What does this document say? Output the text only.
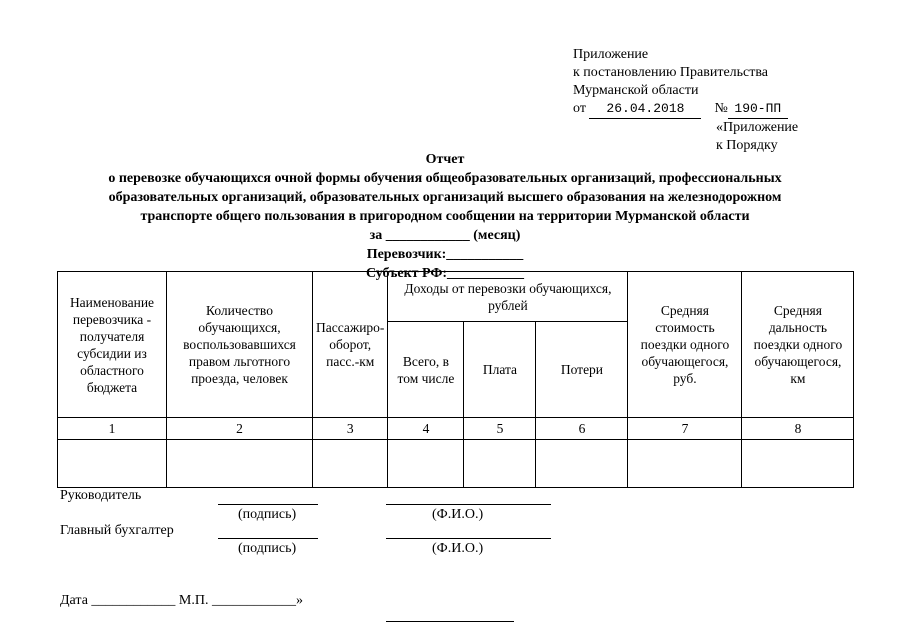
Приложение
к постановлению Правительства
Мурманской области
от 26.04.2018 № 190-ПП
«Приложение
к Порядку
Отчет
о перевозке обучающихся очной формы обучения общеобразовательных организаций, профессиональных
образовательных организаций, образовательных организаций высшего образования на железнодорожном
транспорте общего пользования в пригородном сообщении на территории Мурманской области
за ____________ (месяц)
Перевозчик:___________
Субъект РФ:___________
Наименование перевозчика - получателя субсидии из областного бюджета	Количество обучающихся, воспользовавшихся правом льготного проезда, человек	Пассажиро-оборот, пасс.-км	Доходы от перевозки обучающихся, рублей			Средняя стоимость поездки одного обучающегося, руб.	Средняя дальность поездки одного обучающегося, км
			Всего, в том числе	Плата	Потери		
1	2	3	4	5	6	7	8

Руководитель
(подпись)	(Ф.И.О.)
Главный бухгалтер
(подпись)	(Ф.И.О.)
Дата ____________ М.П. ____________»
